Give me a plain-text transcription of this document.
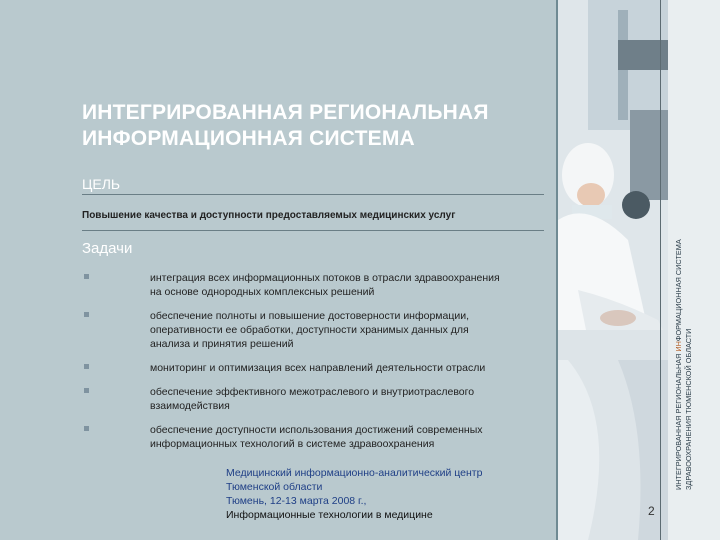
ИНТЕГРИРОВАННАЯ РЕГИОНАЛЬНАЯ
ИНФОРМАЦИОННАЯ СИСТЕМА
ЦЕЛЬ
Повышение качества и доступности предоставляемых медицинских услуг
Задачи
интеграция всех информационных потоков в отрасли здравоохранения
на основе однородных комплексных решений
обеспечение полноты и повышение достоверности информации,
оперативности ее обработки, доступности хранимых данных для
анализа и принятия решений
мониторинг и оптимизация всех направлений деятельности отрасли
обеспечение эффективного межотраслевого и внутриотраслевого
взаимодействия
обеспечение доступности использования достижений современных
информационных технологий в системе здравоохранения
Медицинский информационно-аналитический центр
Тюменской области
Тюмень, 12-13 марта 2008 г.,
Информационные технологии в медицине
ИНТЕГРИРОВАННАЯ РЕГИОНАЛЬНАЯ ИНФОРМАЦИОННАЯ СИСТЕМА
ЗДРАВООХРАНЕНИЯ ТЮМЕНСКОЙ ОБЛАСТИ
2
